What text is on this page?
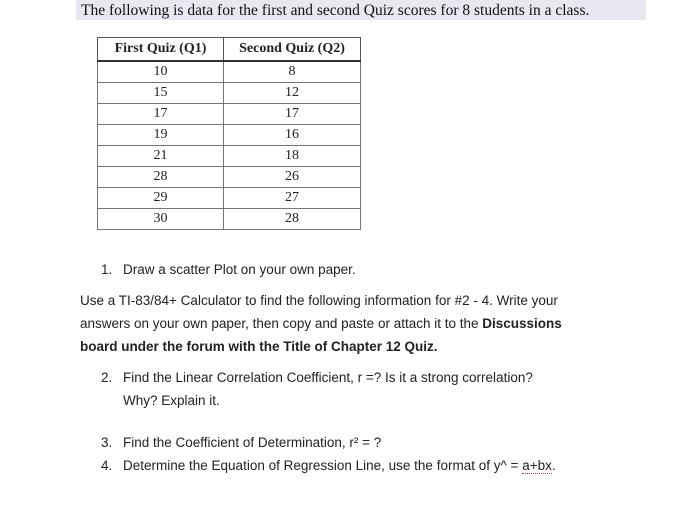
The following is data for the first and second Quiz scores for 8 students in a class.
First Quiz (Q1)	Second Quiz (Q2)
10	8
15	12
17	17
19	16
21	18
28	26
29	27
30	28
1. Draw a scatter Plot on your own paper.
Use a TI-83/84+ Calculator to find the following information for #2 - 4. Write your
answers on your own paper, then copy and paste or attach it to the Discussions
board under the forum with the Title of Chapter 12 Quiz.
2. Find the Linear Correlation Coefficient, r =? Is it a strong correlation?
Why? Explain it.
3. Find the Coefficient of Determination, r² = ?
4. Determine the Equation of Regression Line, use the format of y^ = a+bx.
